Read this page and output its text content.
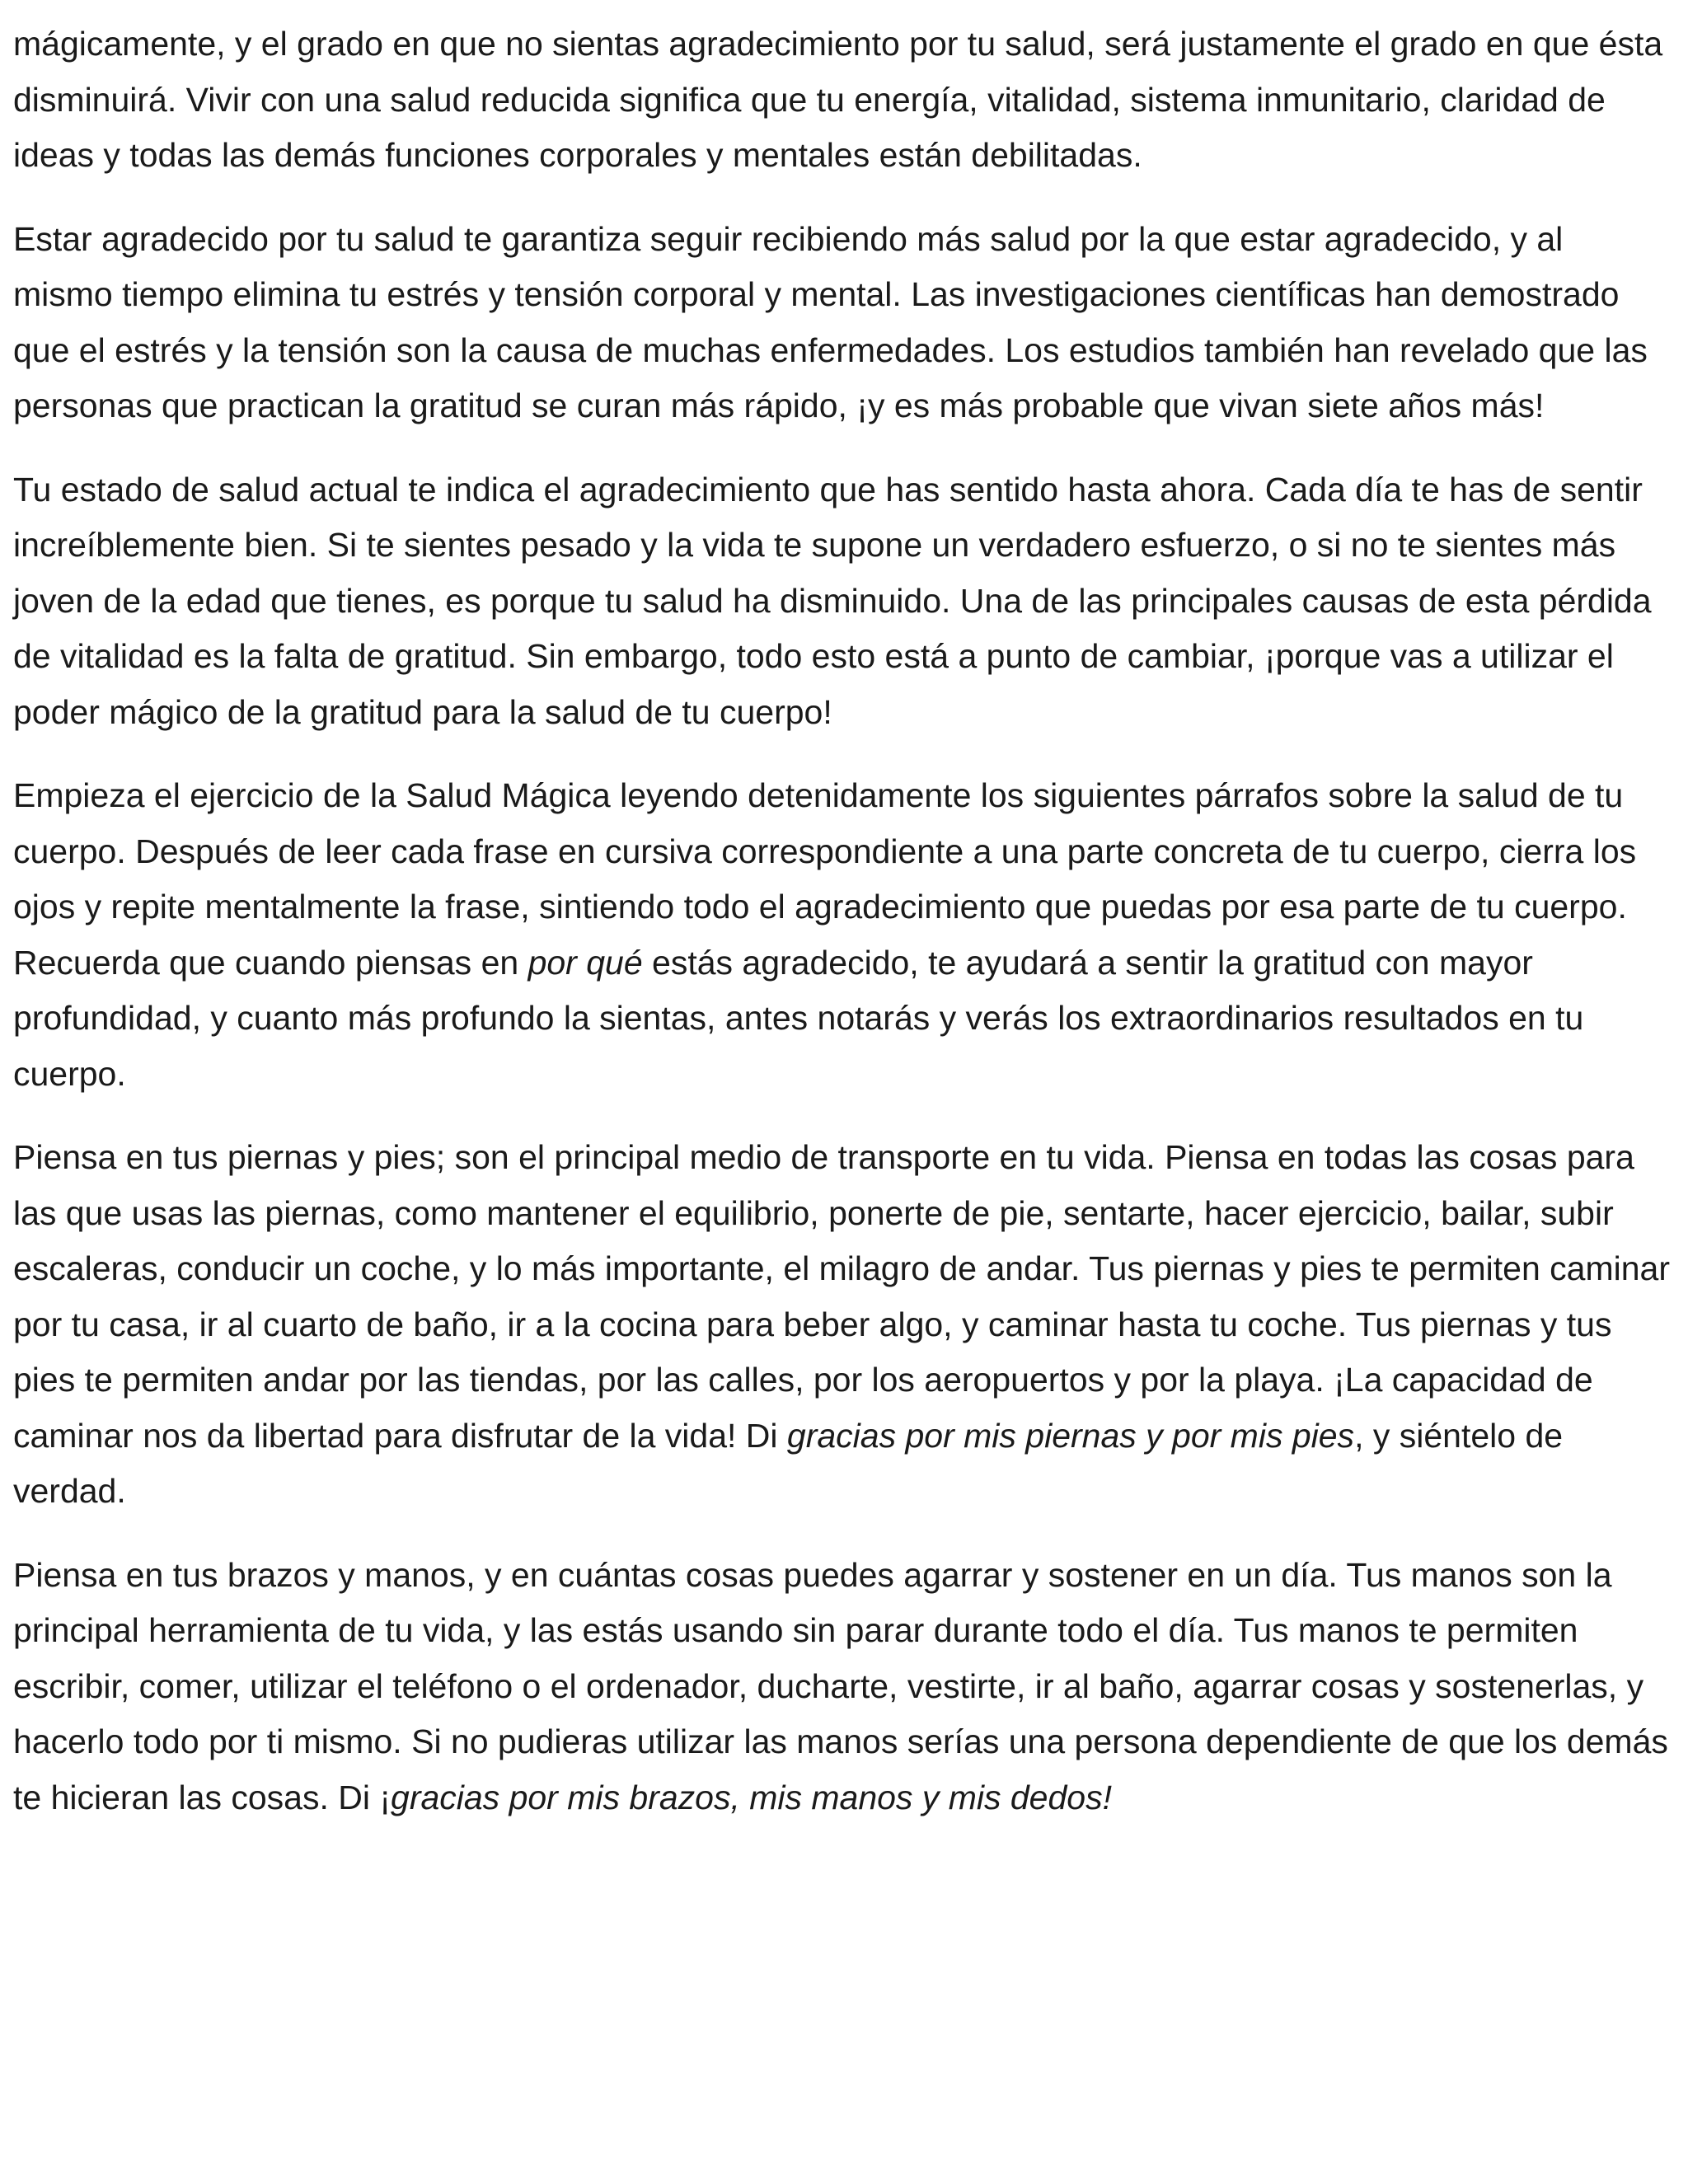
mágicamente, y el grado en que no sientas agradecimiento por tu salud, será justamente el grado en que ésta disminuirá. Vivir con una salud reducida significa que tu energía, vitalidad, sistema inmunitario, claridad de ideas y todas las demás funciones corporales y mentales están debilitadas.

Estar agradecido por tu salud te garantiza seguir recibiendo más salud por la que estar agradecido, y al mismo tiempo elimina tu estrés y tensión corporal y mental. Las investigaciones científicas han demostrado que el estrés y la tensión son la causa de muchas enfermedades. Los estudios también han revelado que las personas que practican la gratitud se curan más rápido, ¡y es más probable que vivan siete años más!

Tu estado de salud actual te indica el agradecimiento que has sentido hasta ahora. Cada día te has de sentir increíblemente bien. Si te sientes pesado y la vida te supone un verdadero esfuerzo, o si no te sientes más joven de la edad que tienes, es porque tu salud ha disminuido. Una de las principales causas de esta pérdida de vitalidad es la falta de gratitud. Sin embargo, todo esto está a punto de cambiar, ¡porque vas a utilizar el poder mágico de la gratitud para la salud de tu cuerpo!

Empieza el ejercicio de la Salud Mágica leyendo detenidamente los siguientes párrafos sobre la salud de tu cuerpo. Después de leer cada frase en cursiva correspondiente a una parte concreta de tu cuerpo, cierra los ojos y repite mentalmente la frase, sintiendo todo el agradecimiento que puedas por esa parte de tu cuerpo. Recuerda que cuando piensas en por qué estás agradecido, te ayudará a sentir la gratitud con mayor profundidad, y cuanto más profundo la sientas, antes notarás y verás los extraordinarios resultados en tu cuerpo.

Piensa en tus piernas y pies; son el principal medio de transporte en tu vida. Piensa en todas las cosas para las que usas las piernas, como mantener el equilibrio, ponerte de pie, sentarte, hacer ejercicio, bailar, subir escaleras, conducir un coche, y lo más importante, el milagro de andar. Tus piernas y pies te permiten caminar por tu casa, ir al cuarto de baño, ir a la cocina para beber algo, y caminar hasta tu coche. Tus piernas y tus pies te permiten andar por las tiendas, por las calles, por los aeropuertos y por la playa. ¡La capacidad de caminar nos da libertad para disfrutar de la vida! Di gracias por mis piernas y por mis pies, y siéntelo de verdad.

Piensa en tus brazos y manos, y en cuántas cosas puedes agarrar y sostener en un día. Tus manos son la principal herramienta de tu vida, y las estás usando sin parar durante todo el día. Tus manos te permiten escribir, comer, utilizar el teléfono o el ordenador, ducharte, vestirte, ir al baño, agarrar cosas y sostenerlas, y hacerlo todo por ti mismo. Si no pudieras utilizar las manos serías una persona dependiente de que los demás te hicieran las cosas. Di ¡gracias por mis brazos, mis manos y mis dedos!
